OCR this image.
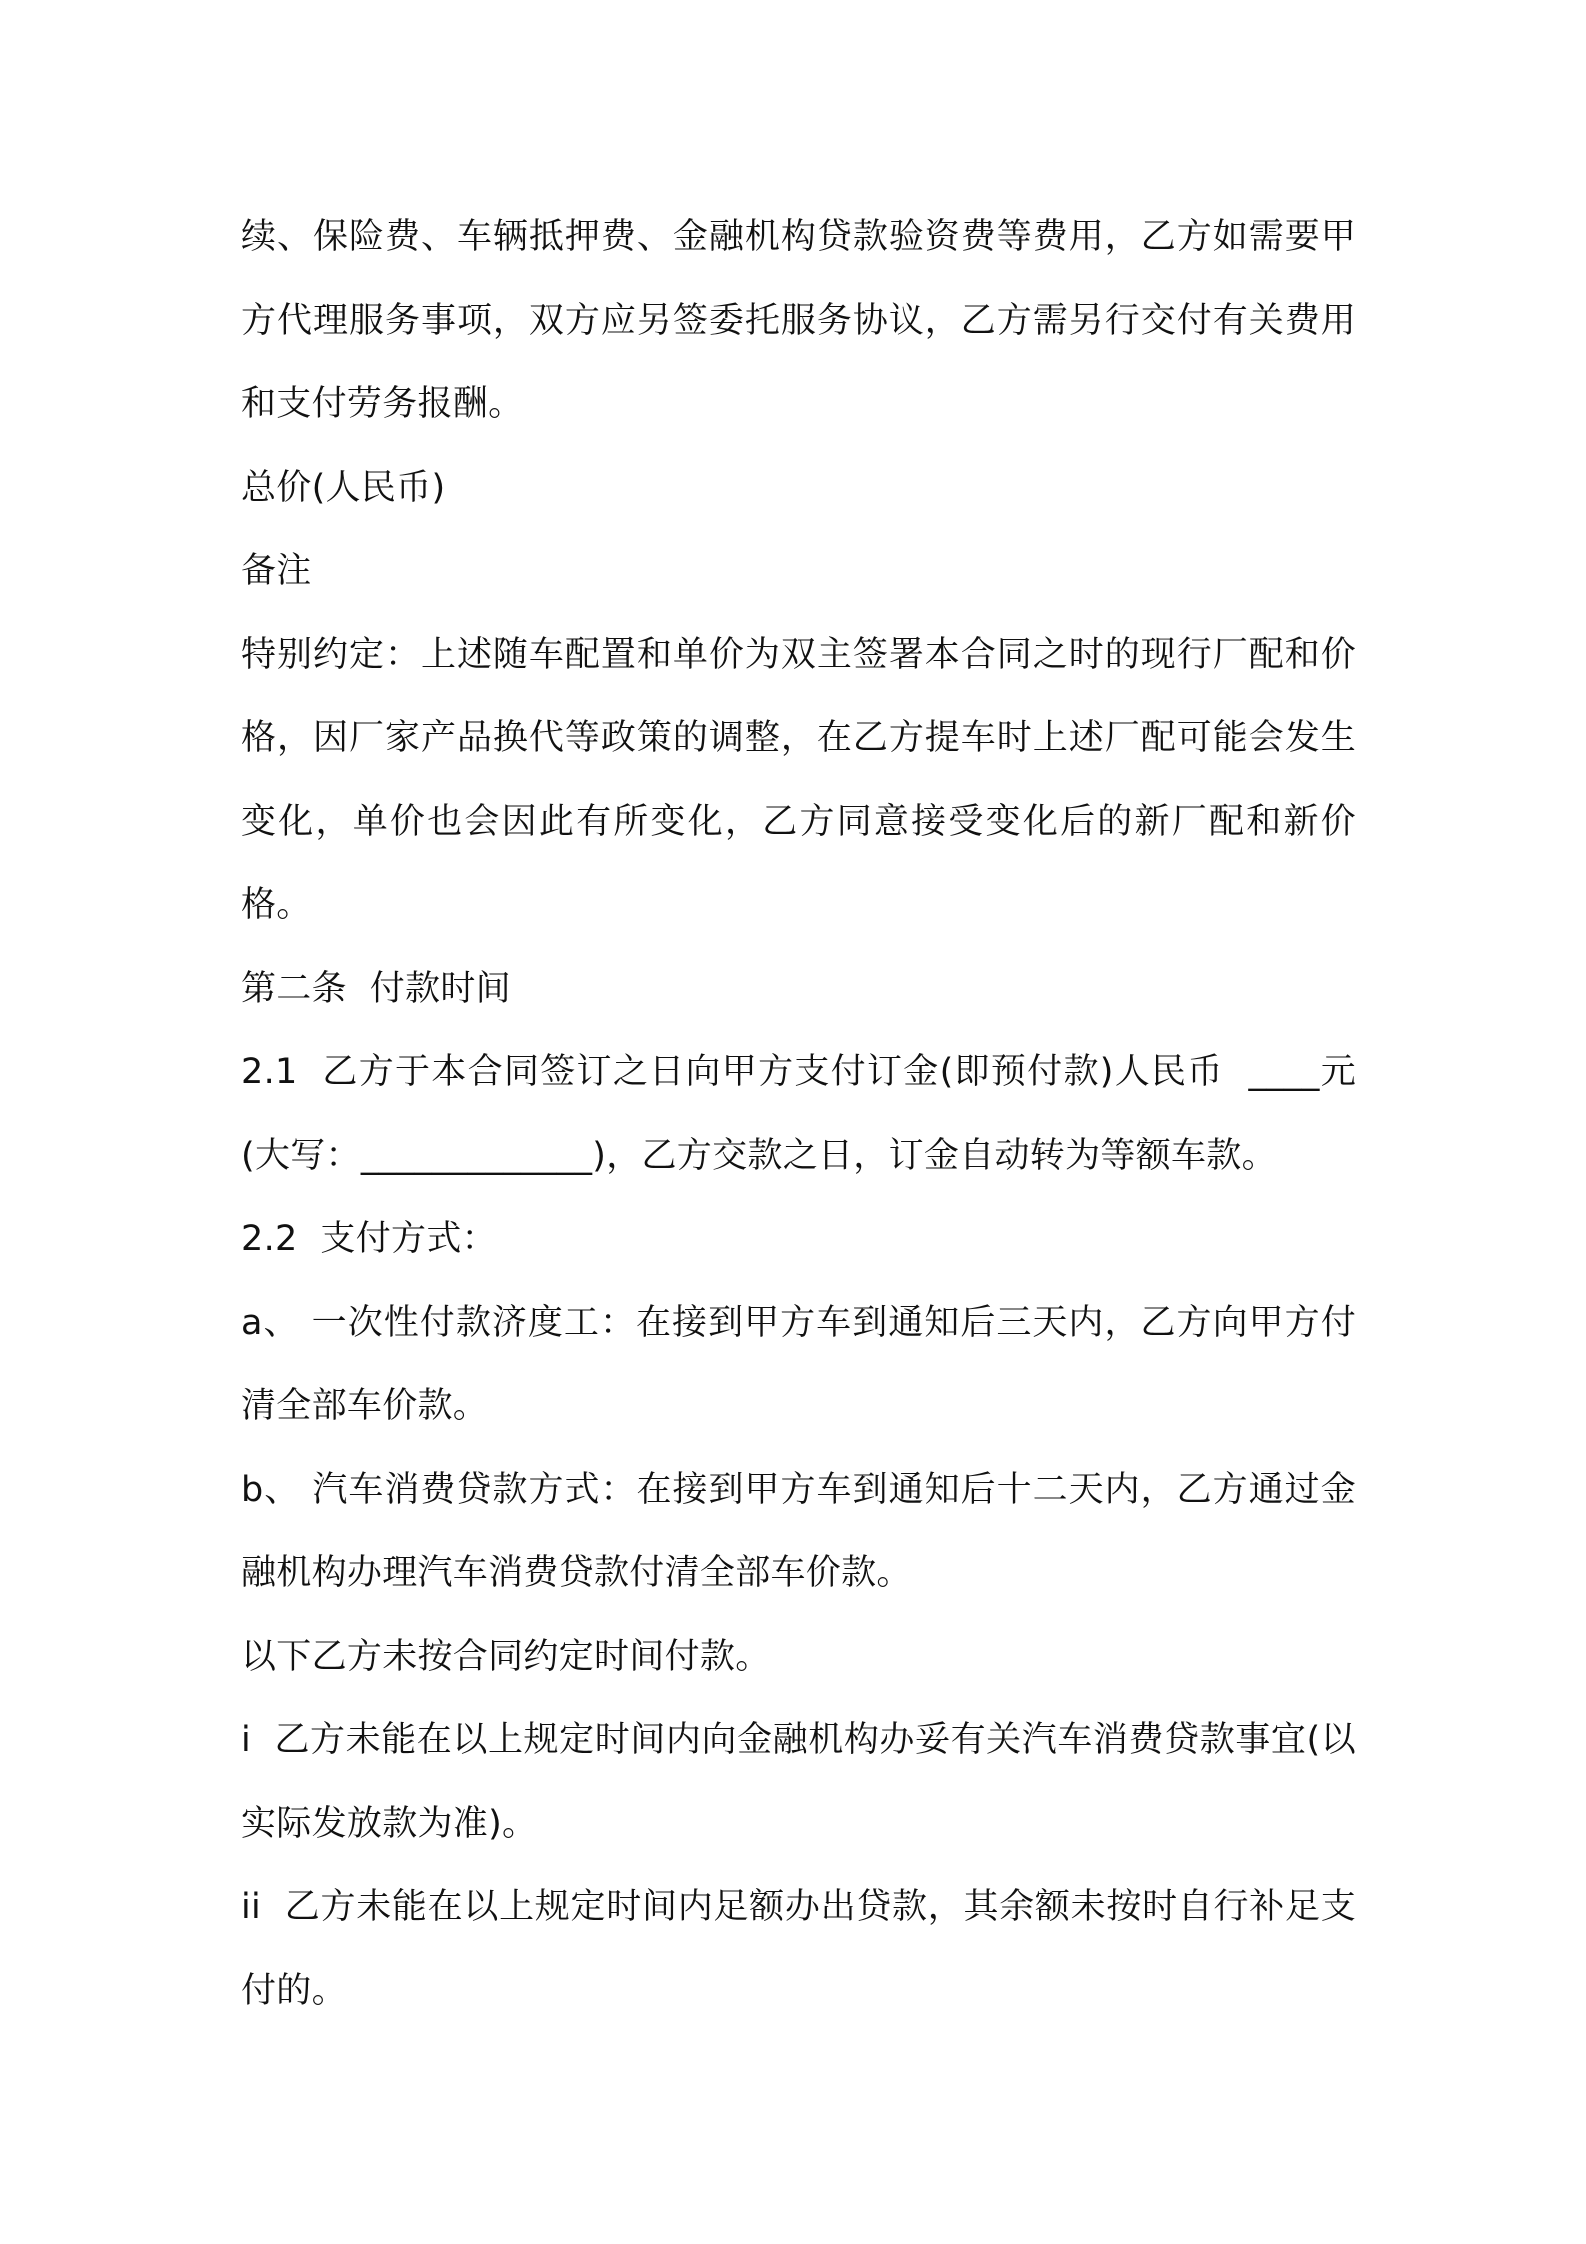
续、保险费、车辆抵押费、金融机构贷款验资费等费用，乙方如需要甲方代理服务事项，双方应另签委托服务协议，乙方需另行交付有关费用和支付劳务报酬。

总价(人民币)

备注

特别约定：上述随车配置和单价为双主签署本合同之时的现行厂配和价格，因厂家产品换代等政策的调整，在乙方提车时上述厂配可能会发生变化，单价也会因此有所变化，乙方同意接受变化后的新厂配和新价格。

第二条  付款时间

2.1  乙方于本合同签订之日向甲方支付订金(即预付款)人民币  ____元(大写：_____________)，乙方交款之日，订金自动转为等额车款。

2.2  支付方式：

a、 一次性付款济度工：在接到甲方车到通知后三天内，乙方向甲方付清全部车价款。

b、 汽车消费贷款方式：在接到甲方车到通知后十二天内，乙方通过金融机构办理汽车消费贷款付清全部车价款。

以下乙方未按合同约定时间付款。

i  乙方未能在以上规定时间内向金融机构办妥有关汽车消费贷款事宜(以实际发放款为准)。

ii  乙方未能在以上规定时间内足额办出贷款，其余额未按时自行补足支付的。
